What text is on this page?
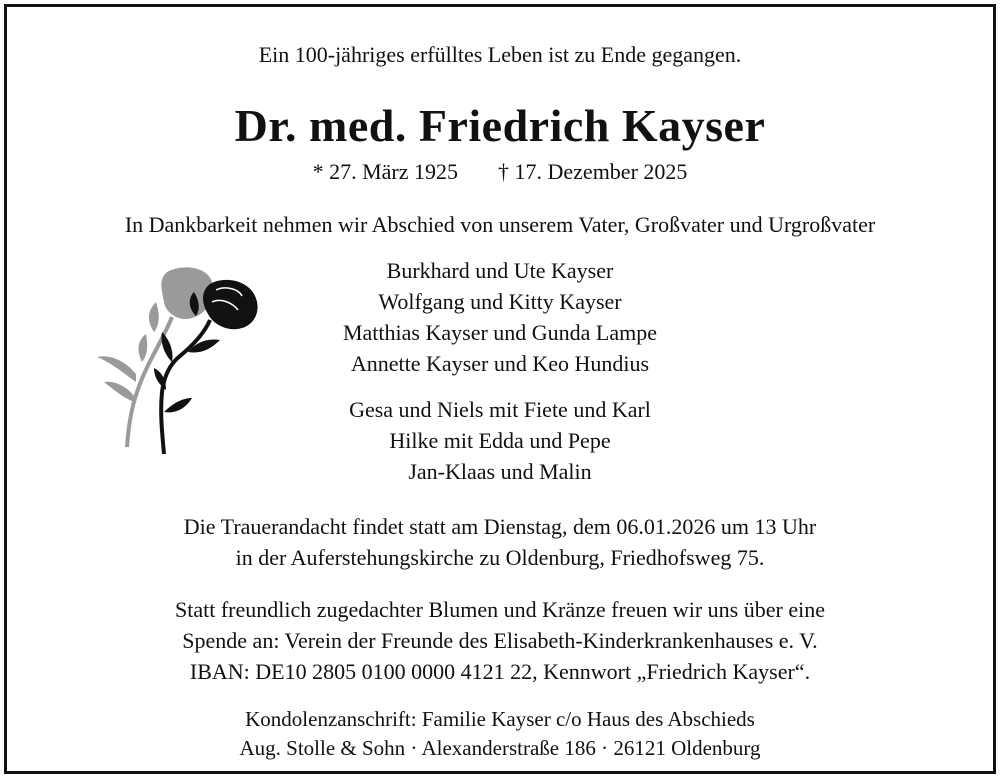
Ein 100-jähriges erfülltes Leben ist zu Ende gegangen.
Dr. med. Friedrich Kayser
* 27. März 1925 † 17. Dezember 2025
In Dankbarkeit nehmen wir Abschied von unserem Vater, Großvater und Urgroßvater
Burkhard und Ute Kayser
Wolfgang und Kitty Kayser
Matthias Kayser und Gunda Lampe
Annette Kayser und Keo Hundius
Gesa und Niels mit Fiete und Karl
Hilke mit Edda und Pepe
Jan-Klaas und Malin
Die Trauerandacht findet statt am Dienstag, dem 06.01.2026 um 13 Uhr
in der Auferstehungskirche zu Oldenburg, Friedhofsweg 75.
Statt freundlich zugedachter Blumen und Kränze freuen wir uns über eine
Spende an: Verein der Freunde des Elisabeth-Kinderkrankenhauses e. V.
IBAN: DE10 2805 0100 0000 4121 22, Kennwort „Friedrich Kayser“.
Kondolenzanschrift: Familie Kayser c/o Haus des Abschieds
Aug. Stolle & Sohn · Alexanderstraße 186 · 26121 Oldenburg
